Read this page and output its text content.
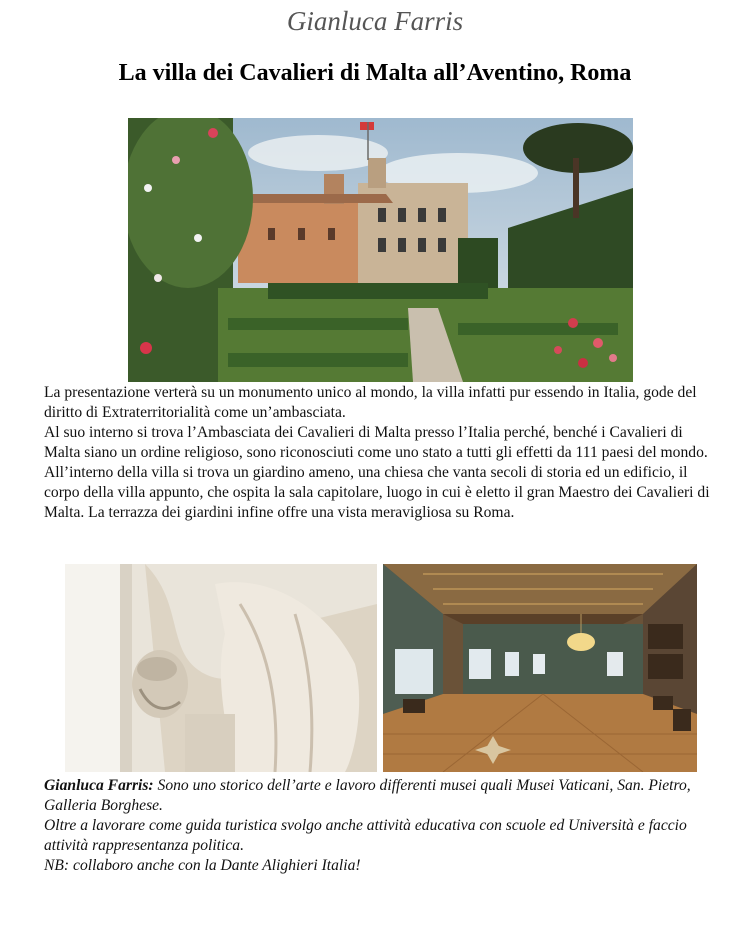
Gianluca Farris
La villa dei Cavalieri di Malta all’Aventino, Roma

La presentazione verterà su un monumento unico al mondo, la villa infatti pur essendo in Italia, gode del diritto di Extraterritorialità come un’ambasciata.

Al suo interno si trova l’Ambasciata dei Cavalieri di Malta presso l’Italia perché, benché i Cavalieri di Malta siano un ordine religioso, sono riconosciuti come uno stato a tutti gli effetti da 111 paesi del mondo.

All’interno della villa si trova un giardino ameno, una chiesa che vanta secoli di storia ed un edificio, il corpo della villa appunto, che ospita la sala capitolare, luogo in cui è eletto il gran Maestro dei Cavalieri di Malta. La terrazza dei giardini infine offre una vista meravigliosa su Roma.

Gianluca Farris: Sono uno storico dell’arte e lavoro differenti musei quali Musei Vaticani, San. Pietro, Galleria Borghese.

Oltre a lavorare come guida turistica svolgo anche attività educativa con scuole ed Università e faccio attività rappresentanza politica.

NB: collaboro anche con la Dante Alighieri Italia!
